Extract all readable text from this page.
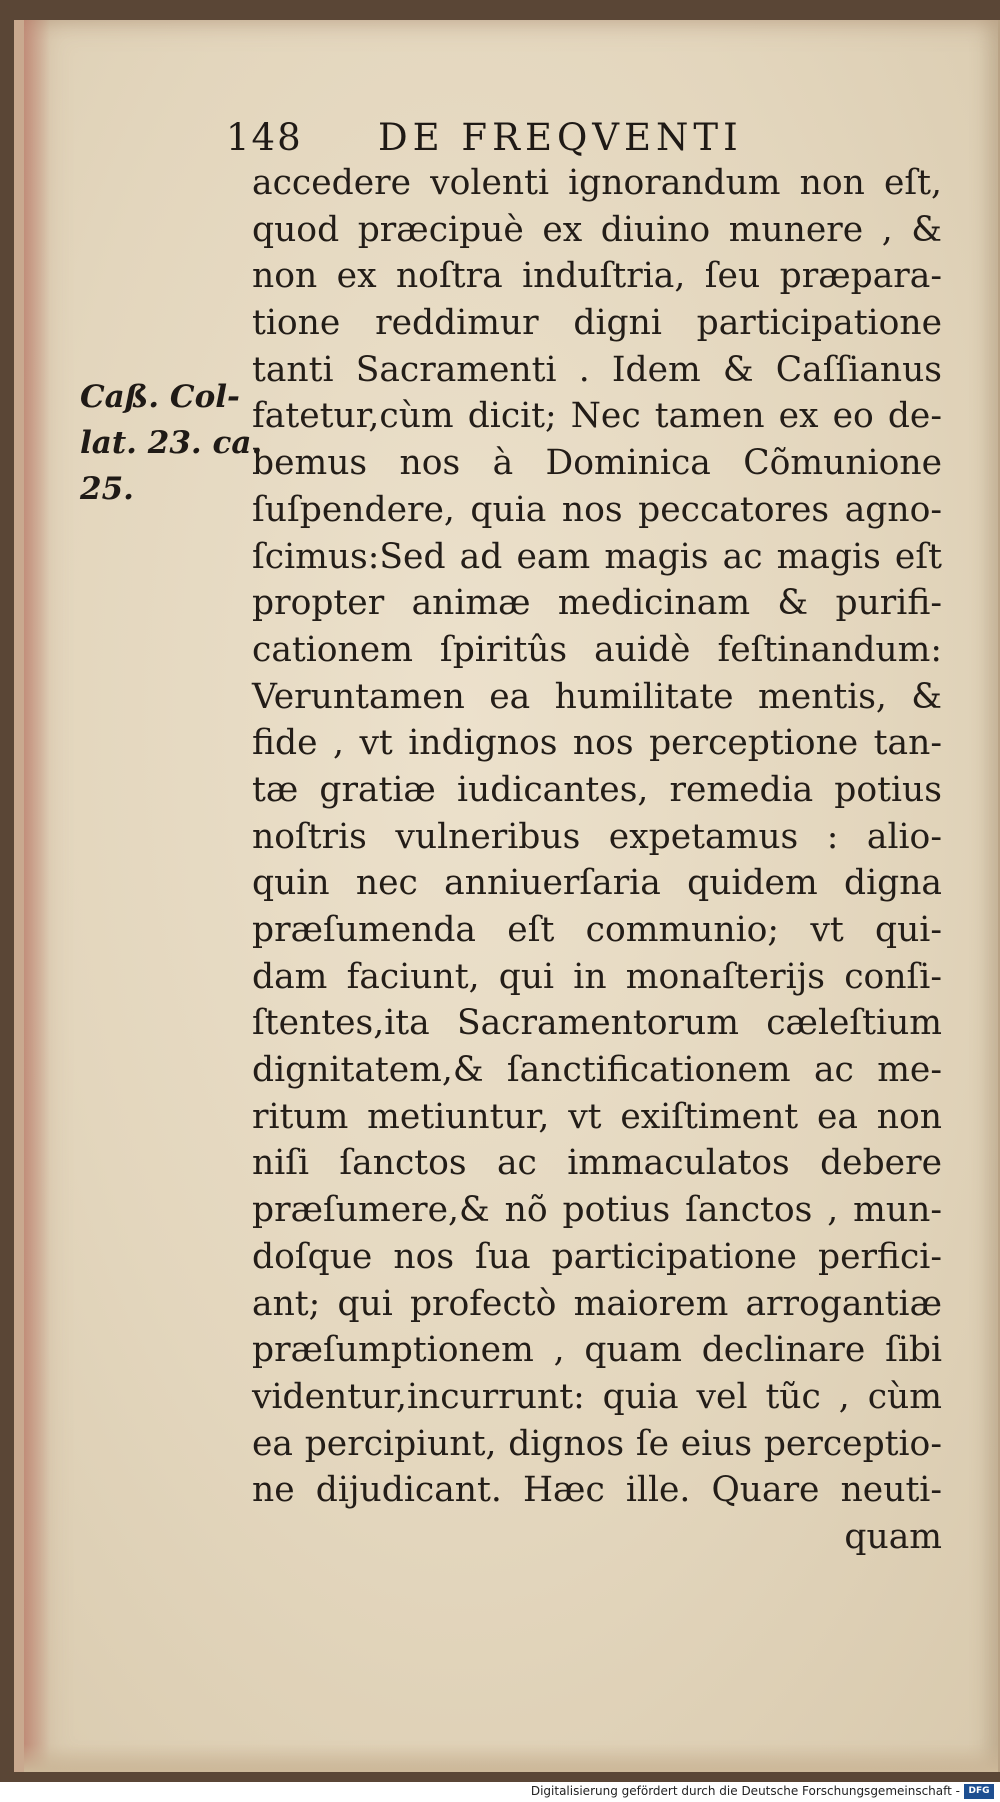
148 DE FREQVENTI
Caß. Col-
lat. 23. ca.
25.
accedere volenti ignorandum non eſt,
quod præcipuè ex diuino munere , &
non ex noſtra induſtria, ſeu præpara-
tione reddimur digni participatione
tanti Sacramenti . Idem & Caſſianus
fatetur,cùm dicit; Nec tamen ex eo de-
bemus nos à Dominica Cõmunione
ſuſpendere, quia nos peccatores agno-
ſcimus:Sed ad eam magis ac magis eſt
propter animæ medicinam & purifi-
cationem ſpiritûs auidè feſtinandum:
Veruntamen ea humilitate mentis, &
fide , vt indignos nos perceptione tan-
tæ gratiæ iudicantes, remedia potius
noſtris vulneribus expetamus : alio-
quin nec anniuerſaria quidem digna
præſumenda eſt communio; vt qui-
dam faciunt, qui in monaſterijs conſi-
ſtentes,ita Sacramentorum cæleſtium
dignitatem,& ſanctificationem ac me-
ritum metiuntur, vt exiſtiment ea non
niſi ſanctos ac immaculatos debere
præſumere,& nõ potius ſanctos , mun-
doſque nos ſua participatione perfici-
ant; qui profectò maiorem arrogantiæ
præſumptionem , quam declinare ſibi
videntur,incurrunt: quia vel tũc , cùm
ea percipiunt, dignos ſe eius perceptio-
ne dijudicant. Hæc ille. Quare neuti-
quam
Digitalisierung gefördert durch die Deutsche Forschungsgemeinschaft - DFG
